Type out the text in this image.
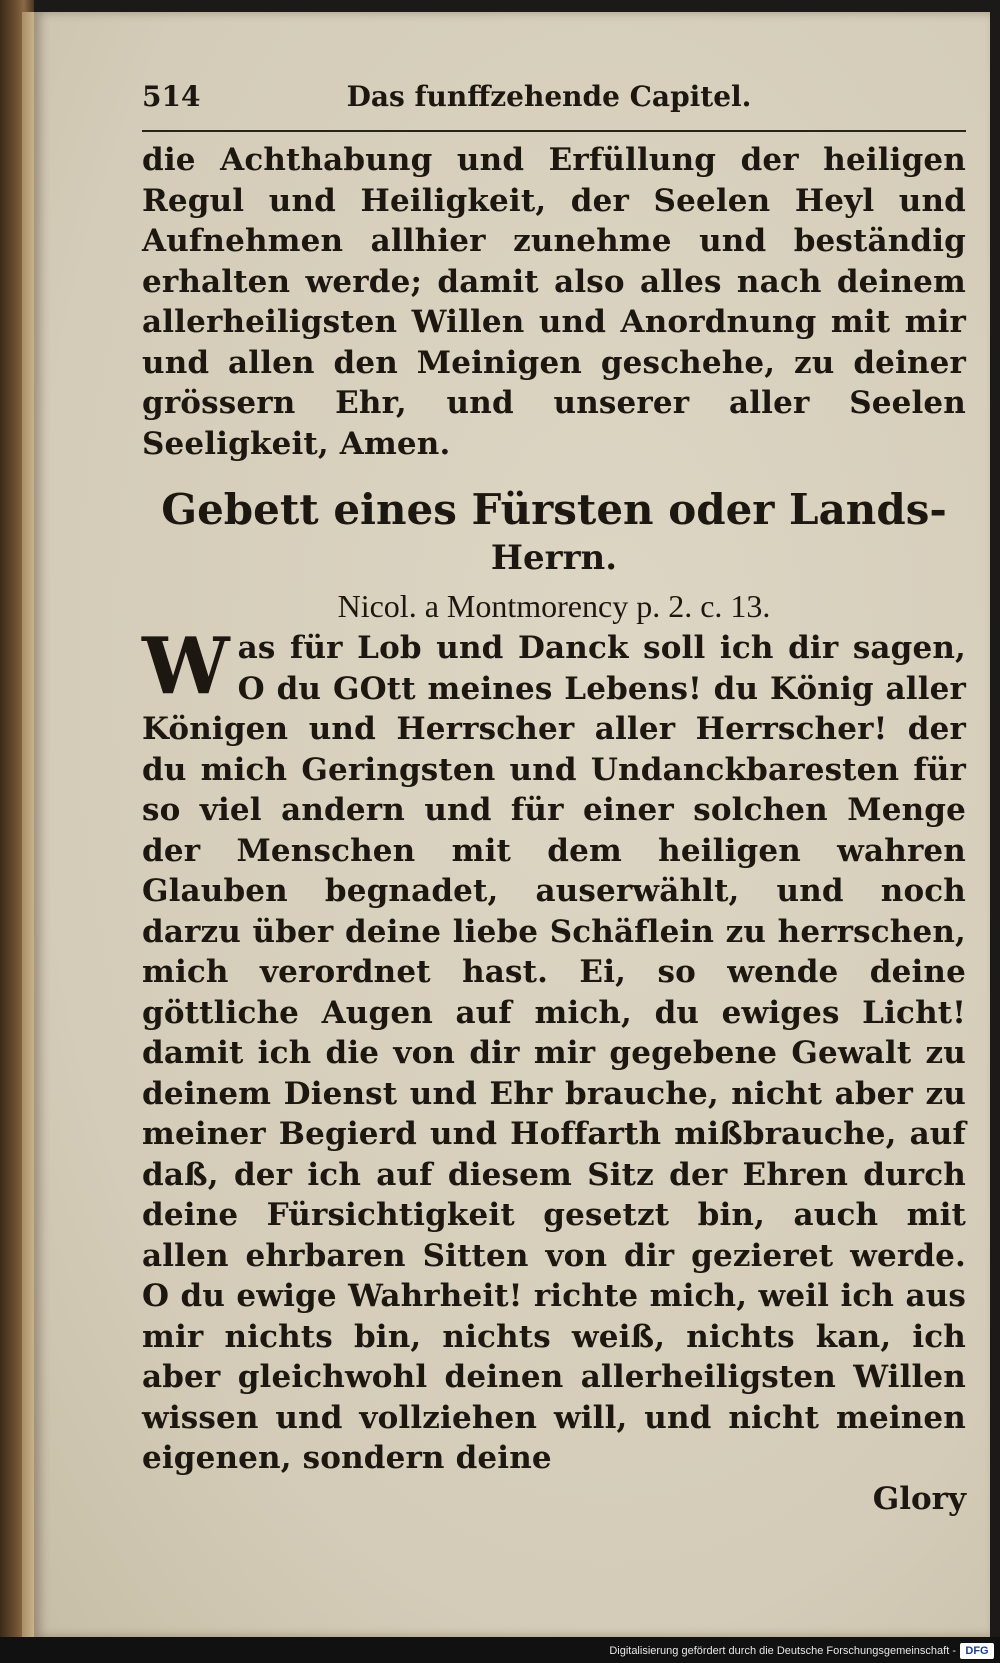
514	Das funffzehende Capitel.

die Achthabung und Erfüllung der heiligen Regul und Heiligkeit, der Seelen Heyl und Aufnehmen allhier zunehme und beständig erhalten werde; damit also alles nach deinem allerheiligsten Willen und Anordnung mit mir und allen den Meinigen geschehe, zu deiner grössern Ehr, und unserer aller Seelen Seeligkeit, Amen.

Gebett eines Fürsten oder Lands-
Herrn.

Nicol. a Montmorency p. 2. c. 13.

W as für Lob und Danck soll ich dir sagen, O du GOtt meines Lebens! du König aller Königen und Herrscher aller Herrscher! der du mich Geringsten und Undanckbaresten für so viel andern und für einer solchen Menge der Menschen mit dem heiligen wahren Glauben begnadet, auserwählt, und noch darzu über deine liebe Schäflein zu herrschen, mich verordnet hast. Ei, so wende deine göttliche Augen auf mich, du ewiges Licht! damit ich die von dir mir gegebene Gewalt zu deinem Dienst und Ehr brauche, nicht aber zu meiner Begierd und Hoffarth mißbrauche, auf daß, der ich auf diesem Sitz der Ehren durch deine Fürsichtigkeit gesetzt bin, auch mit allen ehrbaren Sitten von dir gezieret werde. O du ewige Wahrheit! richte mich, weil ich aus mir nichts bin, nichts weiß, nichts kan, ich aber gleichwohl deinen allerheiligsten Willen wissen und vollziehen will, und nicht meinen eigenen, sondern deine

Glory

Digitalisierung gefördert durch die Deutsche Forschungsgemeinschaft - DFG
